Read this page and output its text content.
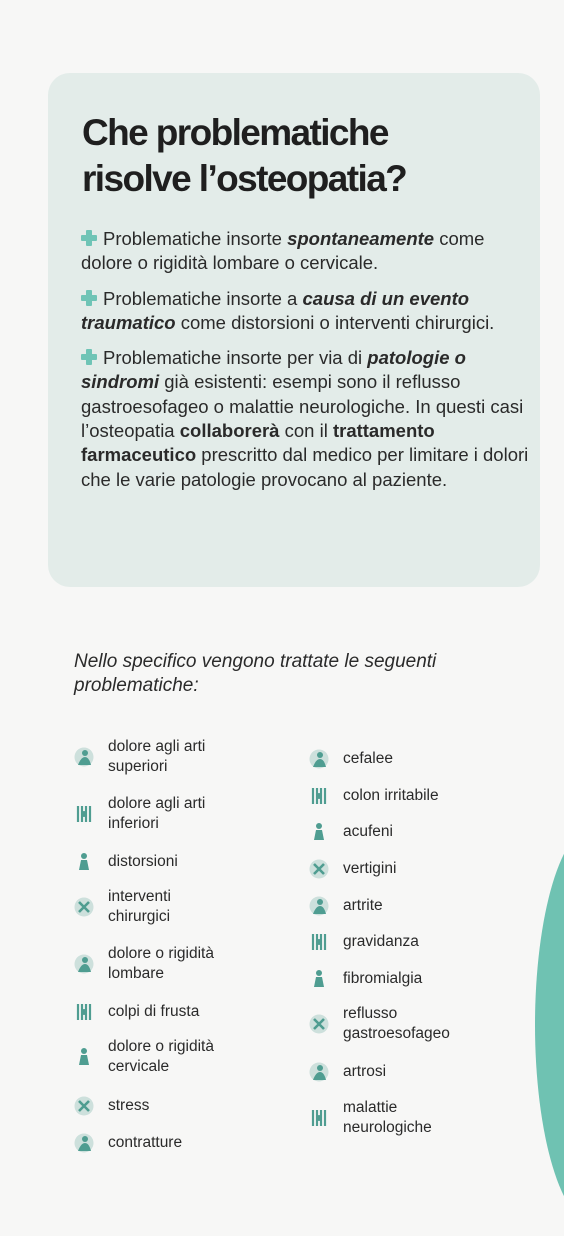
Che problematiche
risolve l’osteopatia?

Problematiche insorte spontaneamente come dolore o rigidità lombare o cervicale.

Problematiche insorte a causa di un evento traumatico come distorsioni o interventi chirurgici.

Problematiche insorte per via di patologie o sindromi già esistenti: esempi sono il reflusso gastroesofageo o malattie neurologiche. In questi casi l’osteopatia collaborerà con il trattamento farmaceutico prescritto dal medico per limitare i dolori che le varie patologie provocano al paziente.

Nello specifico vengono trattate le seguenti problematiche:
dolore agli arti
superiori
dolore agli arti
inferiori
distorsioni
interventi
chirurgici
dolore o rigidità
lombare
colpi di frusta
dolore o rigidità
cervicale
stress
contratture
cefalee
colon irritabile
acufeni
vertigini
artrite
gravidanza
fibromialgia
reflusso
gastroesofageo
artrosi
malattie
neurologiche
